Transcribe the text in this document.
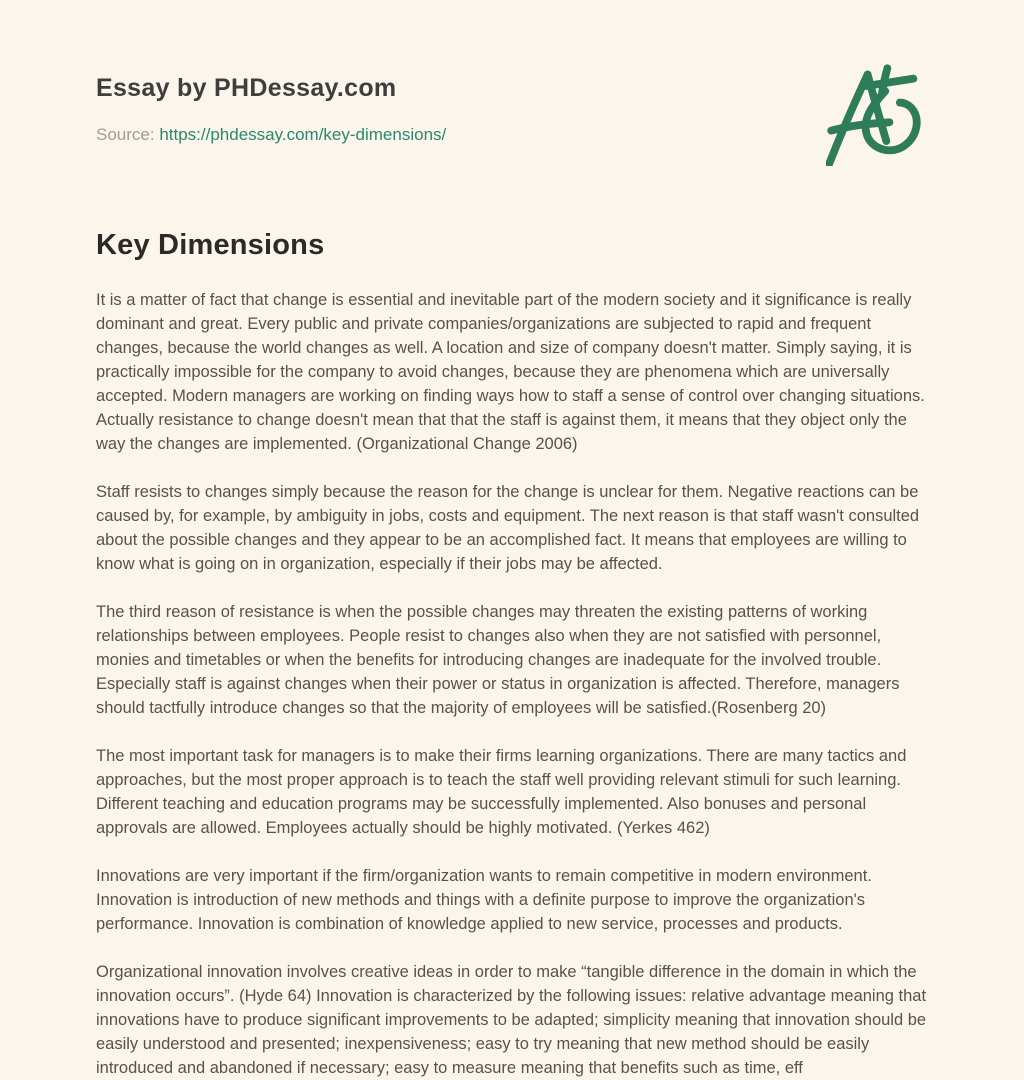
Essay by PHDessay.com

Source: https://phdessay.com/key-dimensions/

Key Dimensions

It is a matter of fact that change is essential and inevitable part of the modern society and it significance is really dominant and great. Every public and private companies/organizations are subjected to rapid and frequent changes, because the world changes as well. A location and size of company doesn't matter. Simply saying, it is practically impossible for the company to avoid changes, because they are phenomena which are universally accepted. Modern managers are working on finding ways how to staff a sense of control over changing situations. Actually resistance to change doesn't mean that that the staff is against them, it means that they object only the way the changes are implemented. (Organizational Change 2006)

Staff resists to changes simply because the reason for the change is unclear for them. Negative reactions can be caused by, for example, by ambiguity in jobs, costs and equipment. The next reason is that staff wasn't consulted about the possible changes and they appear to be an accomplished fact. It means that employees are willing to know what is going on in organization, especially if their jobs may be affected.

The third reason of resistance is when the possible changes may threaten the existing patterns of working relationships between employees. People resist to changes also when they are not satisfied with personnel, monies and timetables or when the benefits for introducing changes are inadequate for the involved trouble. Especially staff is against changes when their power or status in organization is affected. Therefore, managers should tactfully introduce changes so that the majority of employees will be satisfied.(Rosenberg 20)

The most important task for managers is to make their firms learning organizations. There are many tactics and approaches, but the most proper approach is to teach the staff well providing relevant stimuli for such learning. Different teaching and education programs may be successfully implemented. Also bonuses and personal approvals are allowed. Employees actually should be highly motivated. (Yerkes 462)

Innovations are very important if the firm/organization wants to remain competitive in modern environment. Innovation is introduction of new methods and things with a definite purpose to improve the organization's performance. Innovation is combination of knowledge applied to new service, processes and products.

Organizational innovation involves creative ideas in order to make “tangible difference in the domain in which the innovation occurs”. (Hyde 64) Innovation is characterized by the following issues: relative advantage meaning that innovations have to produce significant improvements to be adapted; simplicity meaning that innovation should be easily understood and presented; inexpensiveness; easy to try meaning that new method should be easily introduced and abandoned if necessary; easy to measure meaning that benefits such as time, eff
